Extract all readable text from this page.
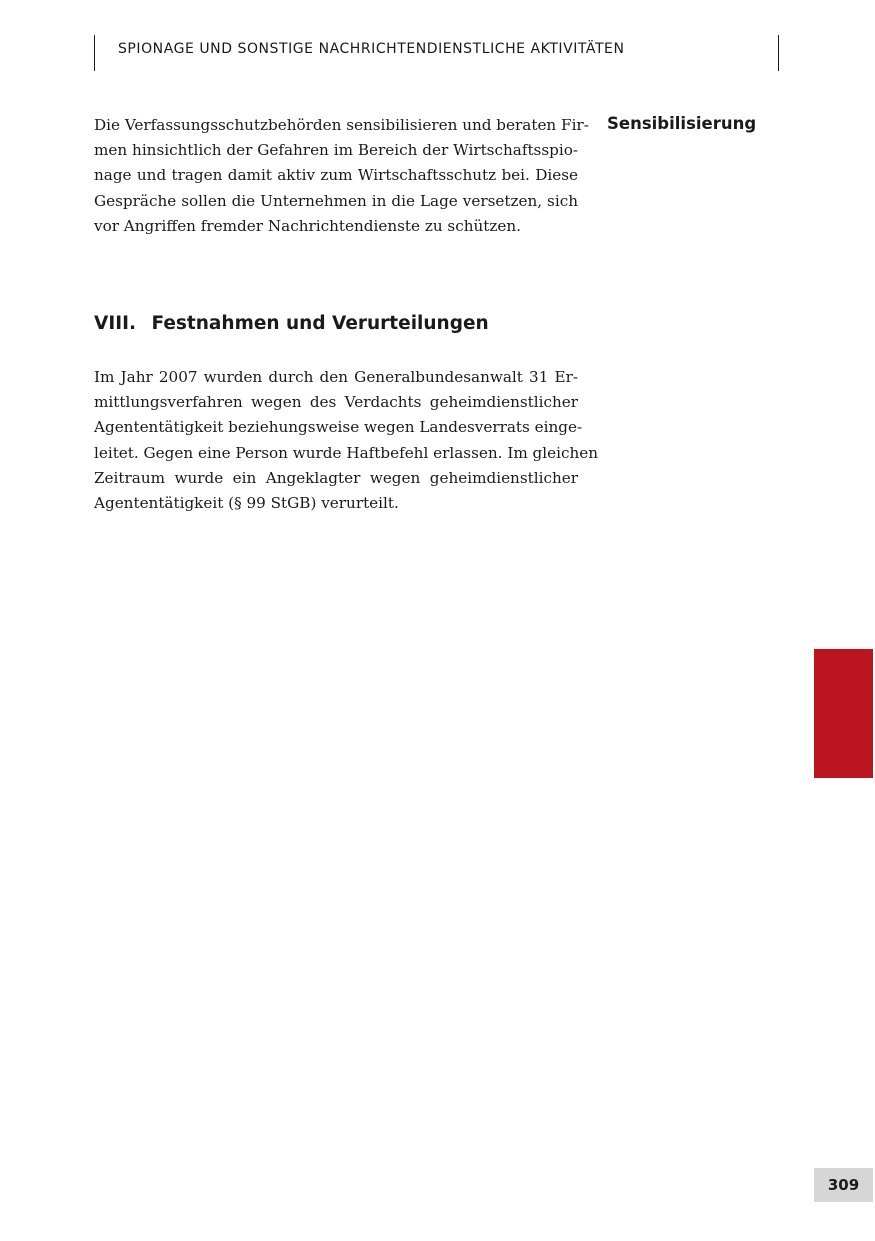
SPIONAGE UND SONSTIGE NACHRICHTENDIENSTLICHE AKTIVITÄTEN
Die Verfassungsschutzbehörden sensibilisieren und beraten Fir-
men hinsichtlich der Gefahren im Bereich der Wirtschaftsspio-
nage und tragen damit aktiv zum Wirtschaftsschutz bei. Diese
Gespräche sollen die Unternehmen in die Lage versetzen, sich
vor Angriffen fremder Nachrichtendienste zu schützen.
Sensibilisierung
VIII. Festnahmen und Verurteilungen
Im Jahr 2007 wurden durch den Generalbundesanwalt 31 Er-
mittlungsverfahren wegen des Verdachts geheimdienstlicher
Agententätigkeit beziehungsweise wegen Landesverrats einge-
leitet. Gegen eine Person wurde Haftbefehl erlassen. Im gleichen
Zeitraum wurde ein Angeklagter wegen geheimdienstlicher
Agententätigkeit (§ 99 StGB) verurteilt.
309
